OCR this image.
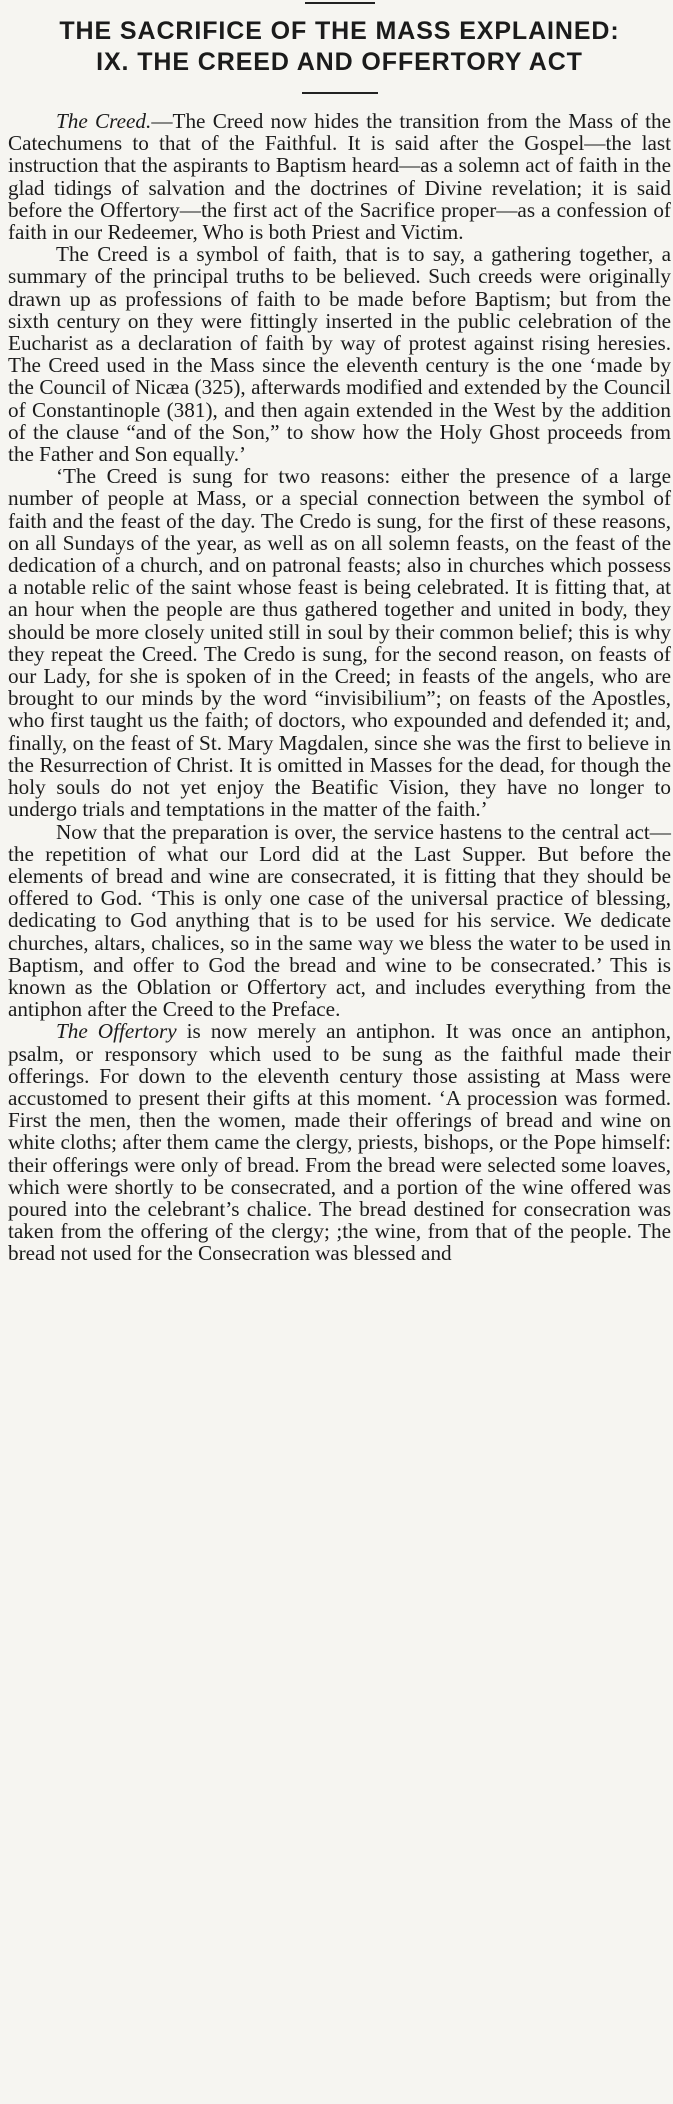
THE SACRIFICE OF THE MASS EXPLAINED:
IX. THE CREED AND OFFERTORY ACT

The Creed.—The Creed now hides the transition from the Mass of the Catechumens to that of the Faithful. It is said after the Gospel—the last instruction that the aspirants to Baptism heard—as a solemn act of faith in the glad tidings of salvation and the doctrines of Divine revelation; it is said before the Offertory—the first act of the Sacrifice proper—as a confession of faith in our Redeemer, Who is both Priest and Victim.

The Creed is a symbol of faith, that is to say, a gathering together, a summary of the principal truths to be believed. Such creeds were originally drawn up as professions of faith to be made before Baptism; but from the sixth century on they were fittingly inserted in the public celebration of the Eucharist as a declaration of faith by way of protest against rising heresies. The Creed used in the Mass since the eleventh century is the one ‘made by the Council of Nicæa (325), afterwards modified and extended by the Council of Constantinople (381), and then again extended in the West by the addition of the clause “and of the Son,” to show how the Holy Ghost proceeds from the Father and Son equally.’

‘The Creed is sung for two reasons: either the presence of a large number of people at Mass, or a special connection between the symbol of faith and the feast of the day. The Credo is sung, for the first of these reasons, on all Sundays of the year, as well as on all solemn feasts, on the feast of the dedication of a church, and on patronal feasts; also in churches which possess a notable relic of the saint whose feast is being celebrated. It is fitting that, at an hour when the people are thus gathered together and united in body, they should be more closely united still in soul by their common belief; this is why they repeat the Creed. The Credo is sung, for the second reason, on feasts of our Lady, for she is spoken of in the Creed; in feasts of the angels, who are brought to our minds by the word “invisibilium”; on feasts of the Apostles, who first taught us the faith; of doctors, who expounded and defended it; and, finally, on the feast of St. Mary Magdalen, since she was the first to believe in the Resurrection of Christ. It is omitted in Masses for the dead, for though the holy souls do not yet enjoy the Beatific Vision, they have no longer to undergo trials and temptations in the matter of the faith.’

Now that the preparation is over, the service hastens to the central act—the repetition of what our Lord did at the Last Supper. But before the elements of bread and wine are consecrated, it is fitting that they should be offered to God. ‘This is only one case of the universal practice of blessing, dedicating to God anything that is to be used for his service. We dedicate churches, altars, chalices, so in the same way we bless the water to be used in Baptism, and offer to God the bread and wine to be consecrated.’ This is known as the Oblation or Offertory act, and includes everything from the antiphon after the Creed to the Preface.

The Offertory is now merely an antiphon. It was once an antiphon, psalm, or responsory which used to be sung as the faithful made their offerings. For down to the eleventh century those assisting at Mass were accustomed to present their gifts at this moment. ‘A procession was formed. First the men, then the women, made their offerings of bread and wine on white cloths; after them came the clergy, priests, bishops, or the Pope himself: their offerings were only of bread. From the bread were selected some loaves, which were shortly to be consecrated, and a portion of the wine offered was poured into the celebrant’s chalice. The bread destined for consecration was taken from the offering of the clergy; ;the wine, from that of the people. The bread not used for the Consecration was blessed and
